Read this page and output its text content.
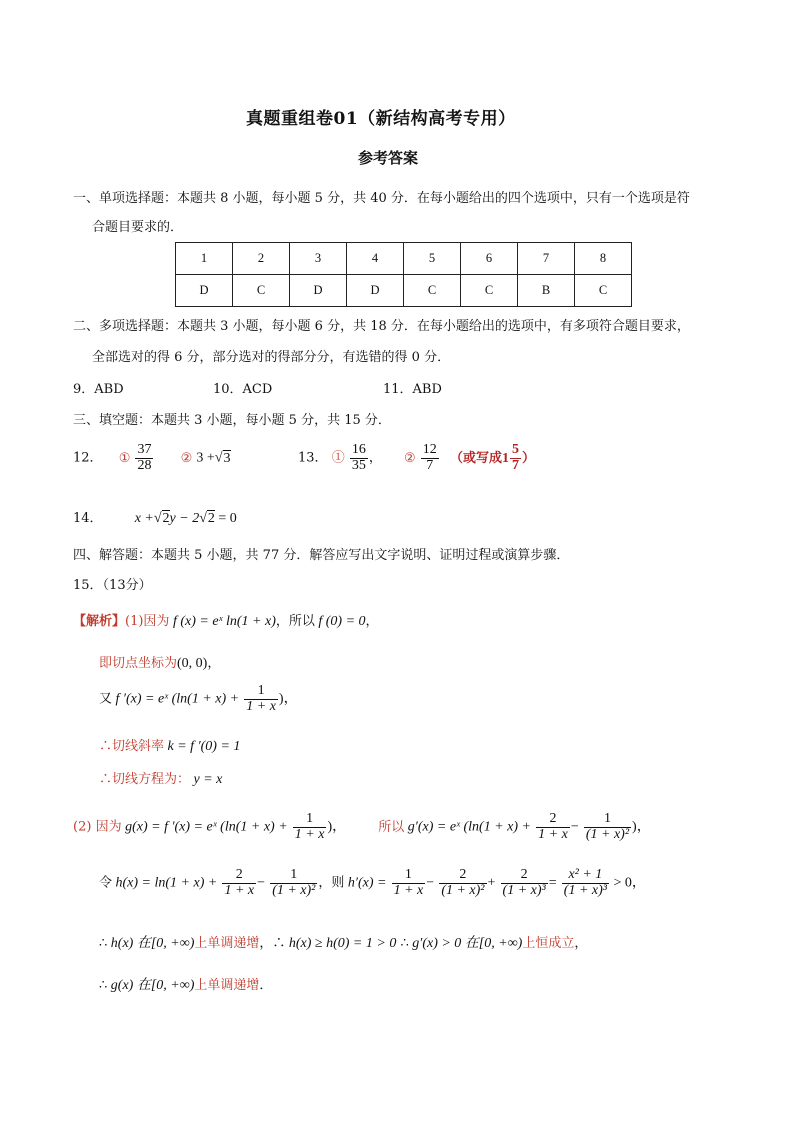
真题重组卷01（新结构高考专用）
参考答案
一、单项选择题：本题共 8 小题，每小题 5 分，共 40 分．在每小题给出的四个选项中，只有一个选项是符
合题目要求的．
1	2	3	4	5	6	7	8
D	C	D	D	C	C	B	C
二、多项选择题：本题共 3 小题，每小题 6 分，共 18 分．在每小题给出的选项中，有多项符合题目要求，
全部选对的得 6 分，部分选对的得部分分，有选错的得 0 分．
9．ABD	10．ACD	11．ABD
三、填空题：本题共 3 小题，每小题 5 分，共 15 分．
12． ① $\frac{37}{28}$ ② 3 +√3	13． ① $\frac{16}{35}$ ， ② $\frac{12}{7}$ （或写成$1 \frac{5}{7}$ ）
14． x +√2y − 2√2 = 0
四、解答题：本题共 5 小题，共 77 分．解答应写出文字说明、证明过程或演算步骤．
15．（13分）
【解析】(1)因为 f (x) = eˣ ln(1 + x)，所以 f (0) = 0，
即切点坐标为(0, 0)，
又 f ′(x) = eˣ ($\ln(1 + x) + \frac{1}{1 + x}$ )，
∴切线斜率 k = f ′(0) = 1
∴切线方程为： y = x
(2) 因为 g(x) = f ′(x) = eˣ ($\ln(1 + x) + \frac{1}{1 + x}$ )， 所以 g′(x) = eˣ ($\ln(1 + x) + \frac{2}{1 + x} - \frac{1}{\text{(1 + x)²}}$ )，
令 $h(x) = \ln(1 + x) + \frac{2}{1 + x} - \frac{1}{\text{(1 + x)²}}$ ，则 $h'(x) = \frac{1}{1 + x} - \frac{2}{\text{(1 + x)²}} + \frac{2}{\text{(1 + x)³}} = \frac{\text{x² + 1}}{\text{(1 + x)³}} > 0$，
∴ h(x) 在[0, +∞)上单调递增，∴ h(x) ≥ h(0) = 1 > 0 ∴ g′(x) > 0 在[0, +∞)上恒成立，
∴ g(x) 在[0, +∞)上单调递增．
